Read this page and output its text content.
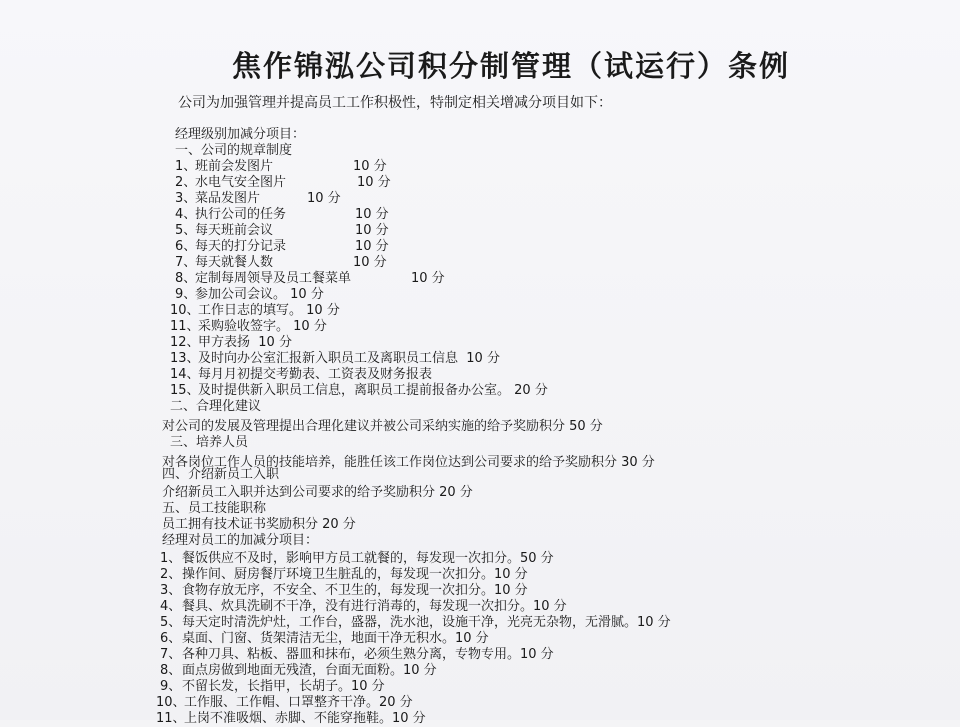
焦作锦泓公司积分制管理（试运行）条例
公司为加强管理并提高员工工作积极性，特制定相关增减分项目如下：
经理级别加减分项目：
一、公司的规章制度
1、班前会发图片	10 分
2、水电气安全图片	10 分
3、菜品发图片	10 分
4、执行公司的任务	10 分
5、每天班前会议	10 分
6、每天的打分记录	10 分
7、每天就餐人数	10 分
8、定制每周领导及员工餐菜单	10 分
9、参加公司会议。 10 分
10、工作日志的填写。 10 分
11、采购验收签字。 10 分
12、甲方表扬 10 分
13、及时向办公室汇报新入职员工及离职员工信息 10 分
14、每月月初提交考勤表、工资表及财务报表
15、及时提供新入职员工信息，离职员工提前报备办公室。 20 分
二、合理化建议
对公司的发展及管理提出合理化建议并被公司采纳实施的给予奖励积分 50 分
三、培养人员
对各岗位工作人员的技能培养，能胜任该工作岗位达到公司要求的给予奖励积分 30 分
四、介绍新员工入职
介绍新员工入职并达到公司要求的给予奖励积分 20 分
五、员工技能职称
员工拥有技术证书奖励积分 20 分
经理对员工的加减分项目：
1、餐饭供应不及时，影响甲方员工就餐的，每发现一次扣分。50 分
2、操作间、厨房餐厅环境卫生脏乱的，每发现一次扣分。10 分
3、食物存放无序，不安全、不卫生的，每发现一次扣分。10 分
4、餐具、炊具洗刷不干净，没有进行消毒的，每发现一次扣分。10 分
5、每天定时清洗炉灶，工作台，盛器，洗水池，设施干净，光亮无杂物，无滑腻。10 分
6、桌面、门窗、货架清洁无尘，地面干净无积水。10 分
7、各种刀具、粘板、器皿和抹布，必须生熟分离，专物专用。10 分
8、面点房做到地面无残渣，台面无面粉。10 分
9、不留长发，长指甲，长胡子。10 分
10、工作服、工作帽、口罩整齐干净。20 分
11、上岗不准吸烟、赤脚、不能穿拖鞋。10 分
